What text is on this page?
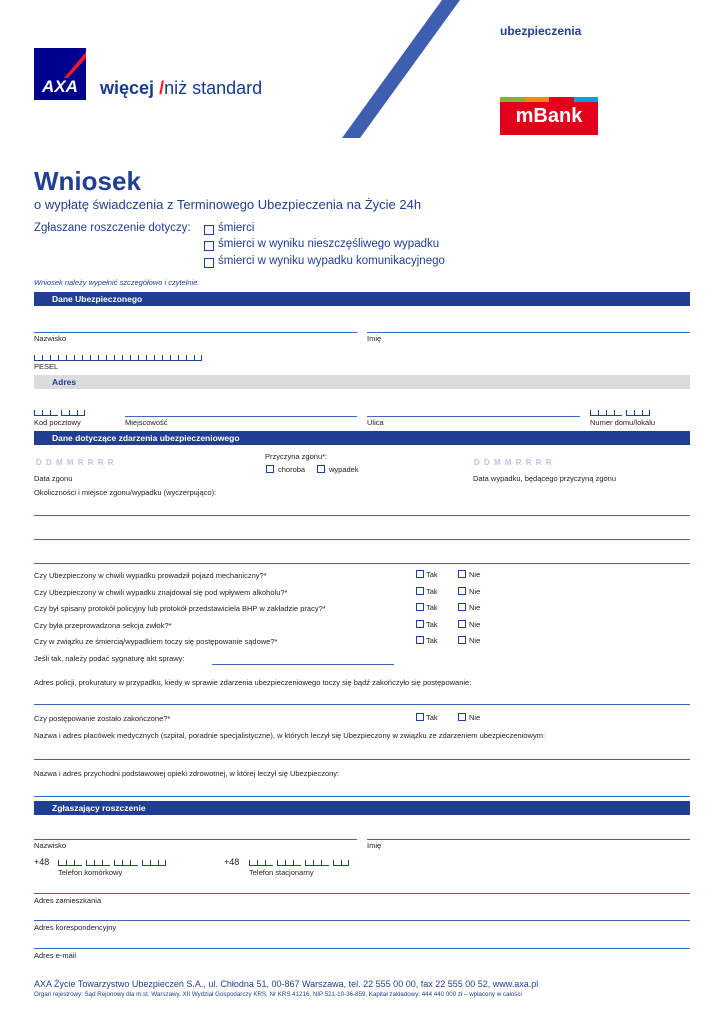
ubezpieczenia
AXA więcej /niż standard
mBank
Wniosek
o wypłatę świadczenia z Terminowego Ubezpieczenia na Życie 24h
Zgłaszane roszczenie dotyczy: śmierci
śmierci w wyniku nieszczęśliwego wypadku
śmierci w wyniku wypadku komunikacyjnego
Wniosek należy wypełnić szczegółowo i czytelnie.
Dane Ubezpieczonego
Nazwisko	Imię
PESEL
Adres
Kod pocztowy	Miejscowość	Ulica	Numer domu/lokalu
Dane dotyczące zdarzenia ubezpieczeniowego
D D M M R R R R
Data zgonu
Przyczyna zgonu*:
choroba	wypadek
D D M M R R R R
Data wypadku, będącego przyczyną zgonu
Okoliczności i miejsce zgonu/wypadku (wyczerpująco):
Czy Ubezpieczony w chwili wypadku prowadził pojazd mechaniczny?*	Tak	Nie
Czy Ubezpieczony w chwili wypadku znajdował się pod wpływem alkoholu?*	Tak	Nie
Czy był spisany protokół policyjny lub protokół przedstawiciela BHP w zakładzie pracy?*	Tak	Nie
Czy była przeprowadzona sekcja zwłok?*	Tak	Nie
Czy w związku ze śmiercią/wypadkiem toczy się postępowanie sądowe?*	Tak	Nie
Jeśli tak, należy podać sygnaturę akt sprawy:
Adres policji, prokuratury w przypadku, kiedy w sprawie zdarzenia ubezpieczeniowego toczy się bądź zakończyło się postępowanie:
Czy postępowanie zostało zakończone?*	Tak	Nie
Nazwa i adres placówek medycznych (szpital, poradnie specjalistyczne), w których leczył się Ubezpieczony w związku ze zdarzeniem ubezpieczeniowym:
Nazwa i adres przychodni podstawowej opieki zdrowotnej, w której leczył się Ubezpieczony:
Zgłaszający roszczenie
Nazwisko	Imię
+48
Telefon komórkowy
+48
Telefon stacjonarny
Adres zamieszkania
Adres korespondencyjny
Adres e-mail
AXA Życie Towarzystwo Ubezpieczeń S.A., ul. Chłodna 51, 00-867 Warszawa, tel. 22 555 00 00, fax 22 555 00 52, www.axa.pl
Organ rejestrowy: Sąd Rejonowy dla m.st. Warszawy, XII Wydział Gospodarczy KRS, Nr KRS 41216, NIP 521-10-36-859, Kapitał zakładowy: 444 440 000 zł – wpłacony w całości
